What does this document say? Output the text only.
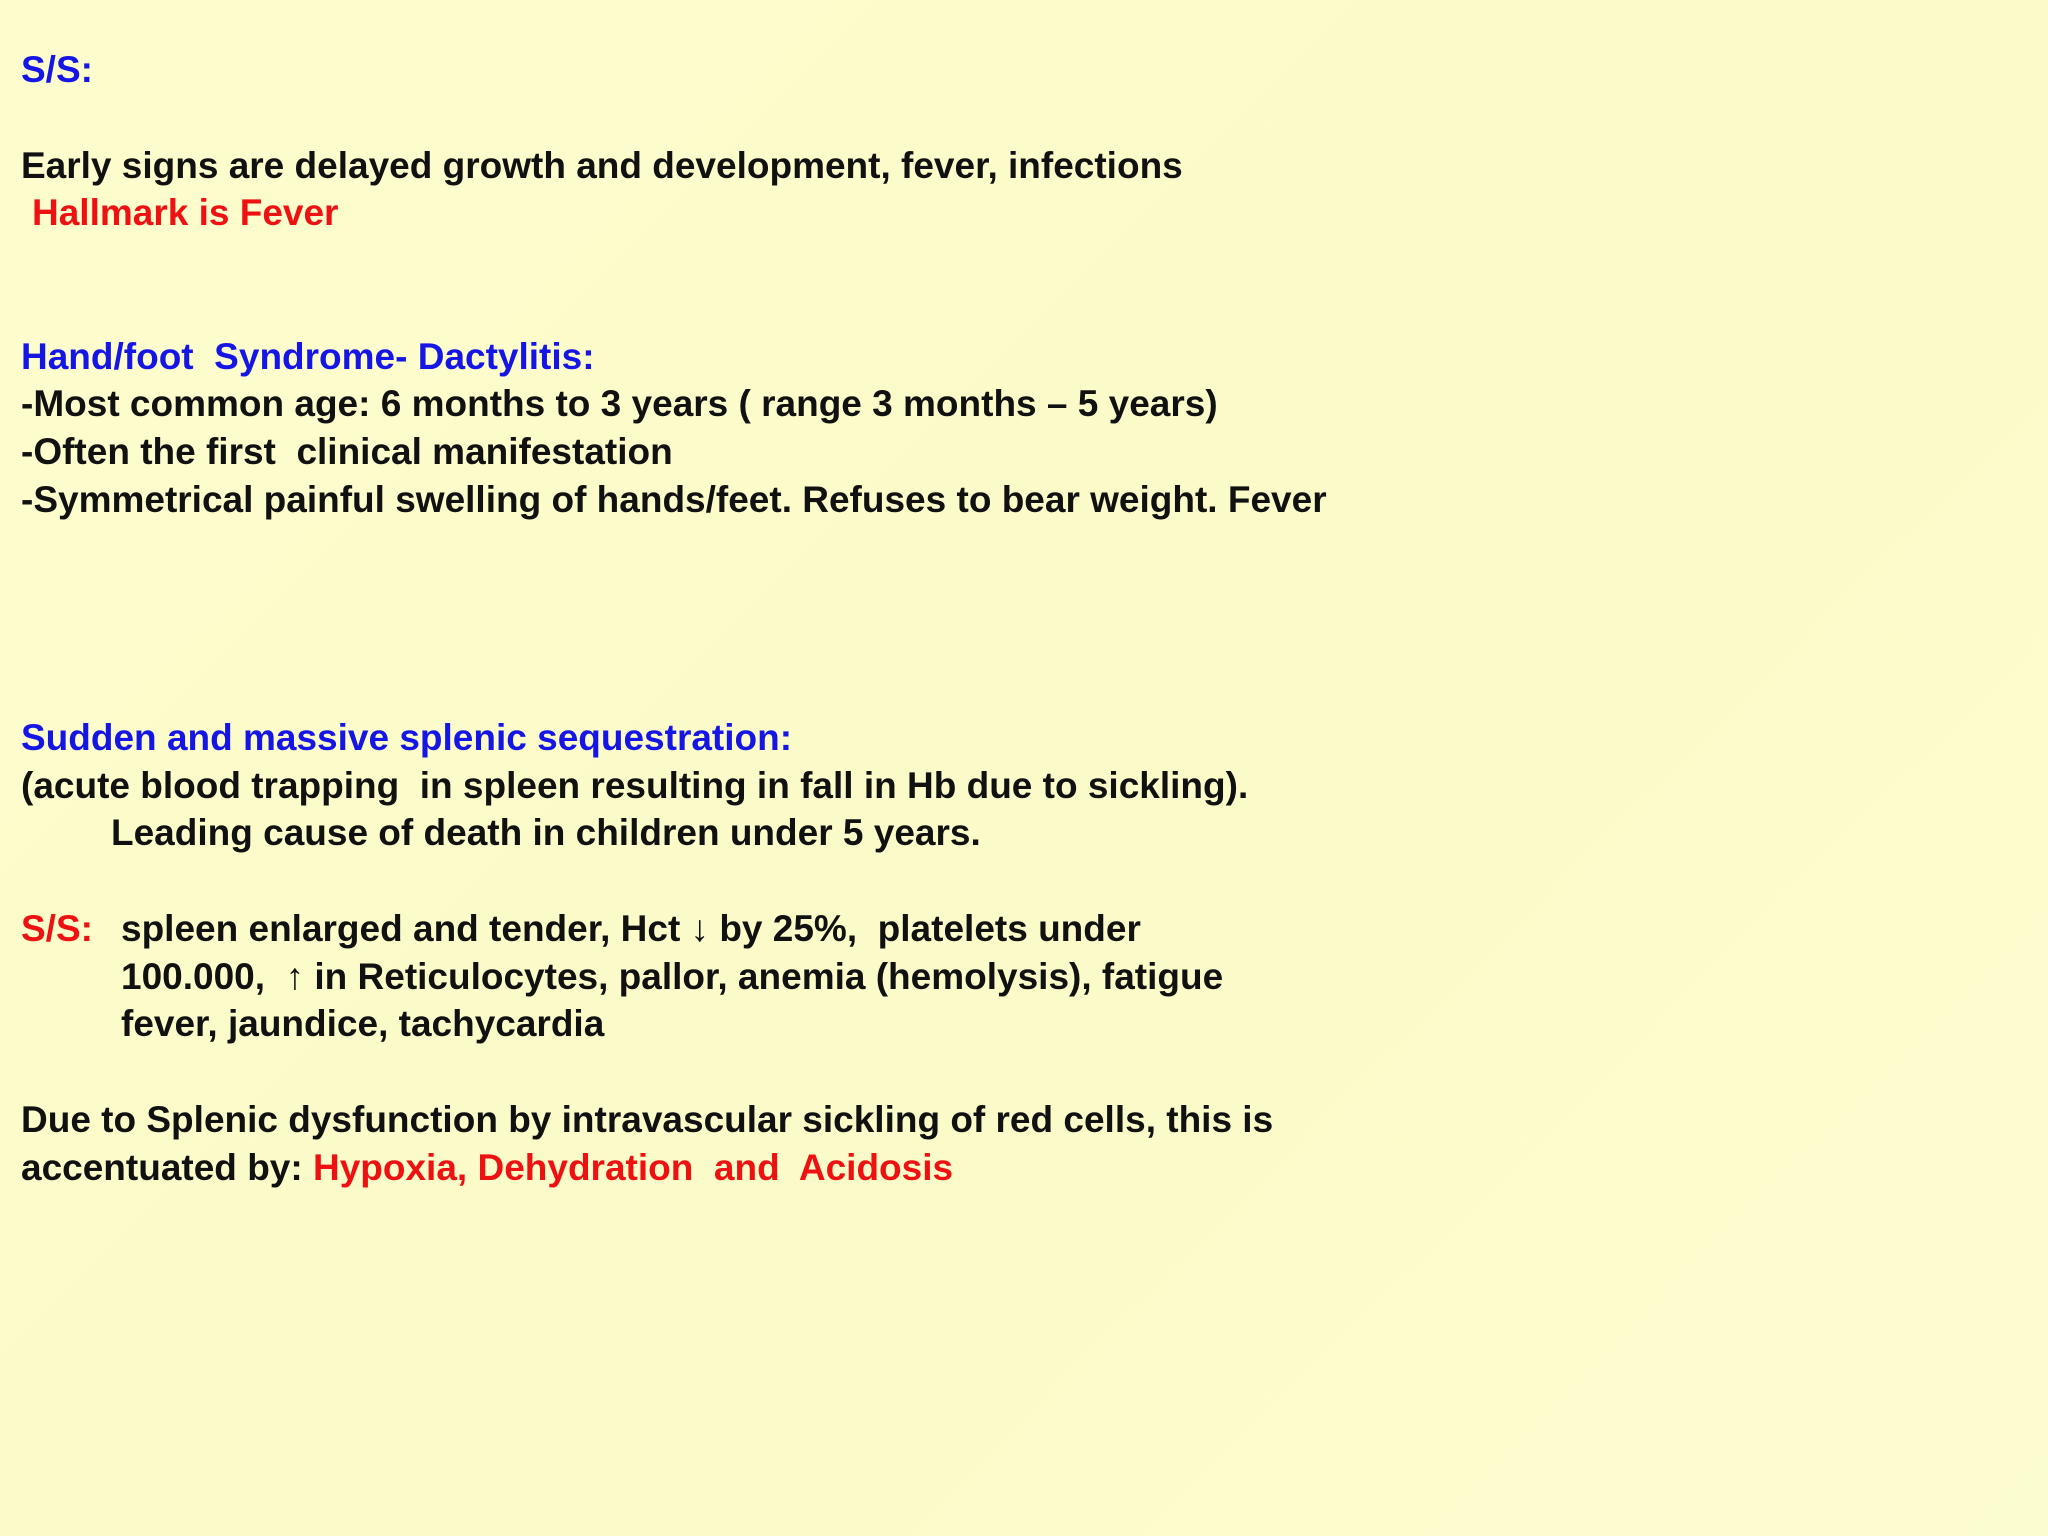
S/S:

Early signs are delayed growth and development, fever, infections

Hallmark is Fever

Hand/foot  Syndrome- Dactylitis:

-Most common age: 6 months to 3 years ( range 3 months – 5 years)

-Often the first  clinical manifestation

-Symmetrical painful swelling of hands/feet. Refuses to bear weight. Fever

Sudden and massive splenic sequestration:

(acute blood trapping  in spleen resulting in fall in Hb due to sickling).

Leading cause of death in children under 5 years.

S/S: spleen enlarged and tender, Hct ↓ by 25%,  platelets under

100.000,  ↑ in Reticulocytes, pallor, anemia (hemolysis), fatigue

fever, jaundice, tachycardia

Due to Splenic dysfunction by intravascular sickling of red cells, this is

accentuated by: Hypoxia, Dehydration  and  Acidosis
